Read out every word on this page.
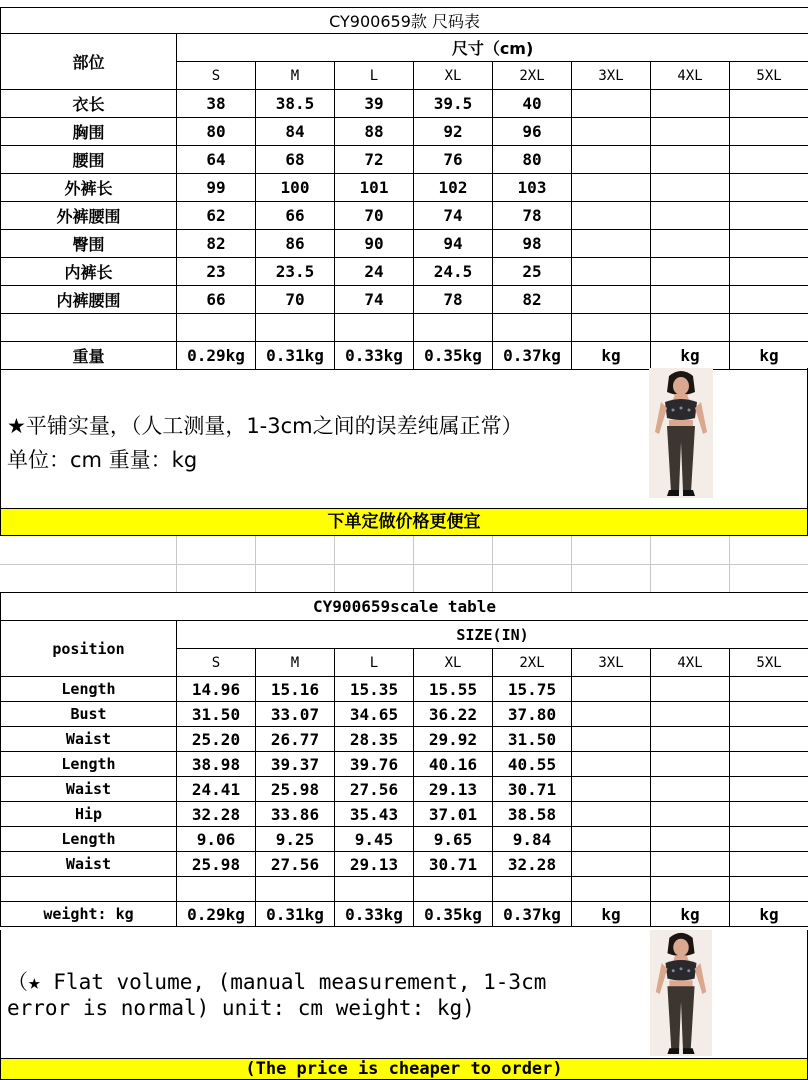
CY900659款 尺码表								
部位	尺寸（cm)							
	S	M	L	XL	2XL	3XL	4XL	5XL
衣长	38	38.5	39	39.5	40			
胸围	80	84	88	92	96			
腰围	64	68	72	76	80			
外裤长	99	100	101	102	103			
外裤腰围	62	66	70	74	78			
臀围	82	86	90	94	98			
内裤长	23	23.5	24	24.5	25			
内裤腰围	66	70	74	78	82			

重量	0.29kg	0.31kg	0.33kg	0.35kg	0.37kg	kg	kg	kg
★平铺实量，（人工测量，1-3cm之间的误差纯属正常）
单位：cm 重量：kg
下单定做价格更便宜
CY900659scale table								
position	SIZE(IN)							
	S	M	L	XL	2XL	3XL	4XL	5XL
Length	14.96	15.16	15.35	15.55	15.75			
Bust	31.50	33.07	34.65	36.22	37.80			
Waist	25.20	26.77	28.35	29.92	31.50			
Length	38.98	39.37	39.76	40.16	40.55			
Waist	24.41	25.98	27.56	29.13	30.71			
Hip	32.28	33.86	35.43	37.01	38.58			
Length	9.06	9.25	9.45	9.65	9.84			
Waist	25.98	27.56	29.13	30.71	32.28			

weight: kg	0.29kg	0.31kg	0.33kg	0.35kg	0.37kg	kg	kg	kg
（★ Flat volume, (manual measurement, 1-3cm
error is normal) unit: cm weight: kg)
(The price is cheaper to order)
